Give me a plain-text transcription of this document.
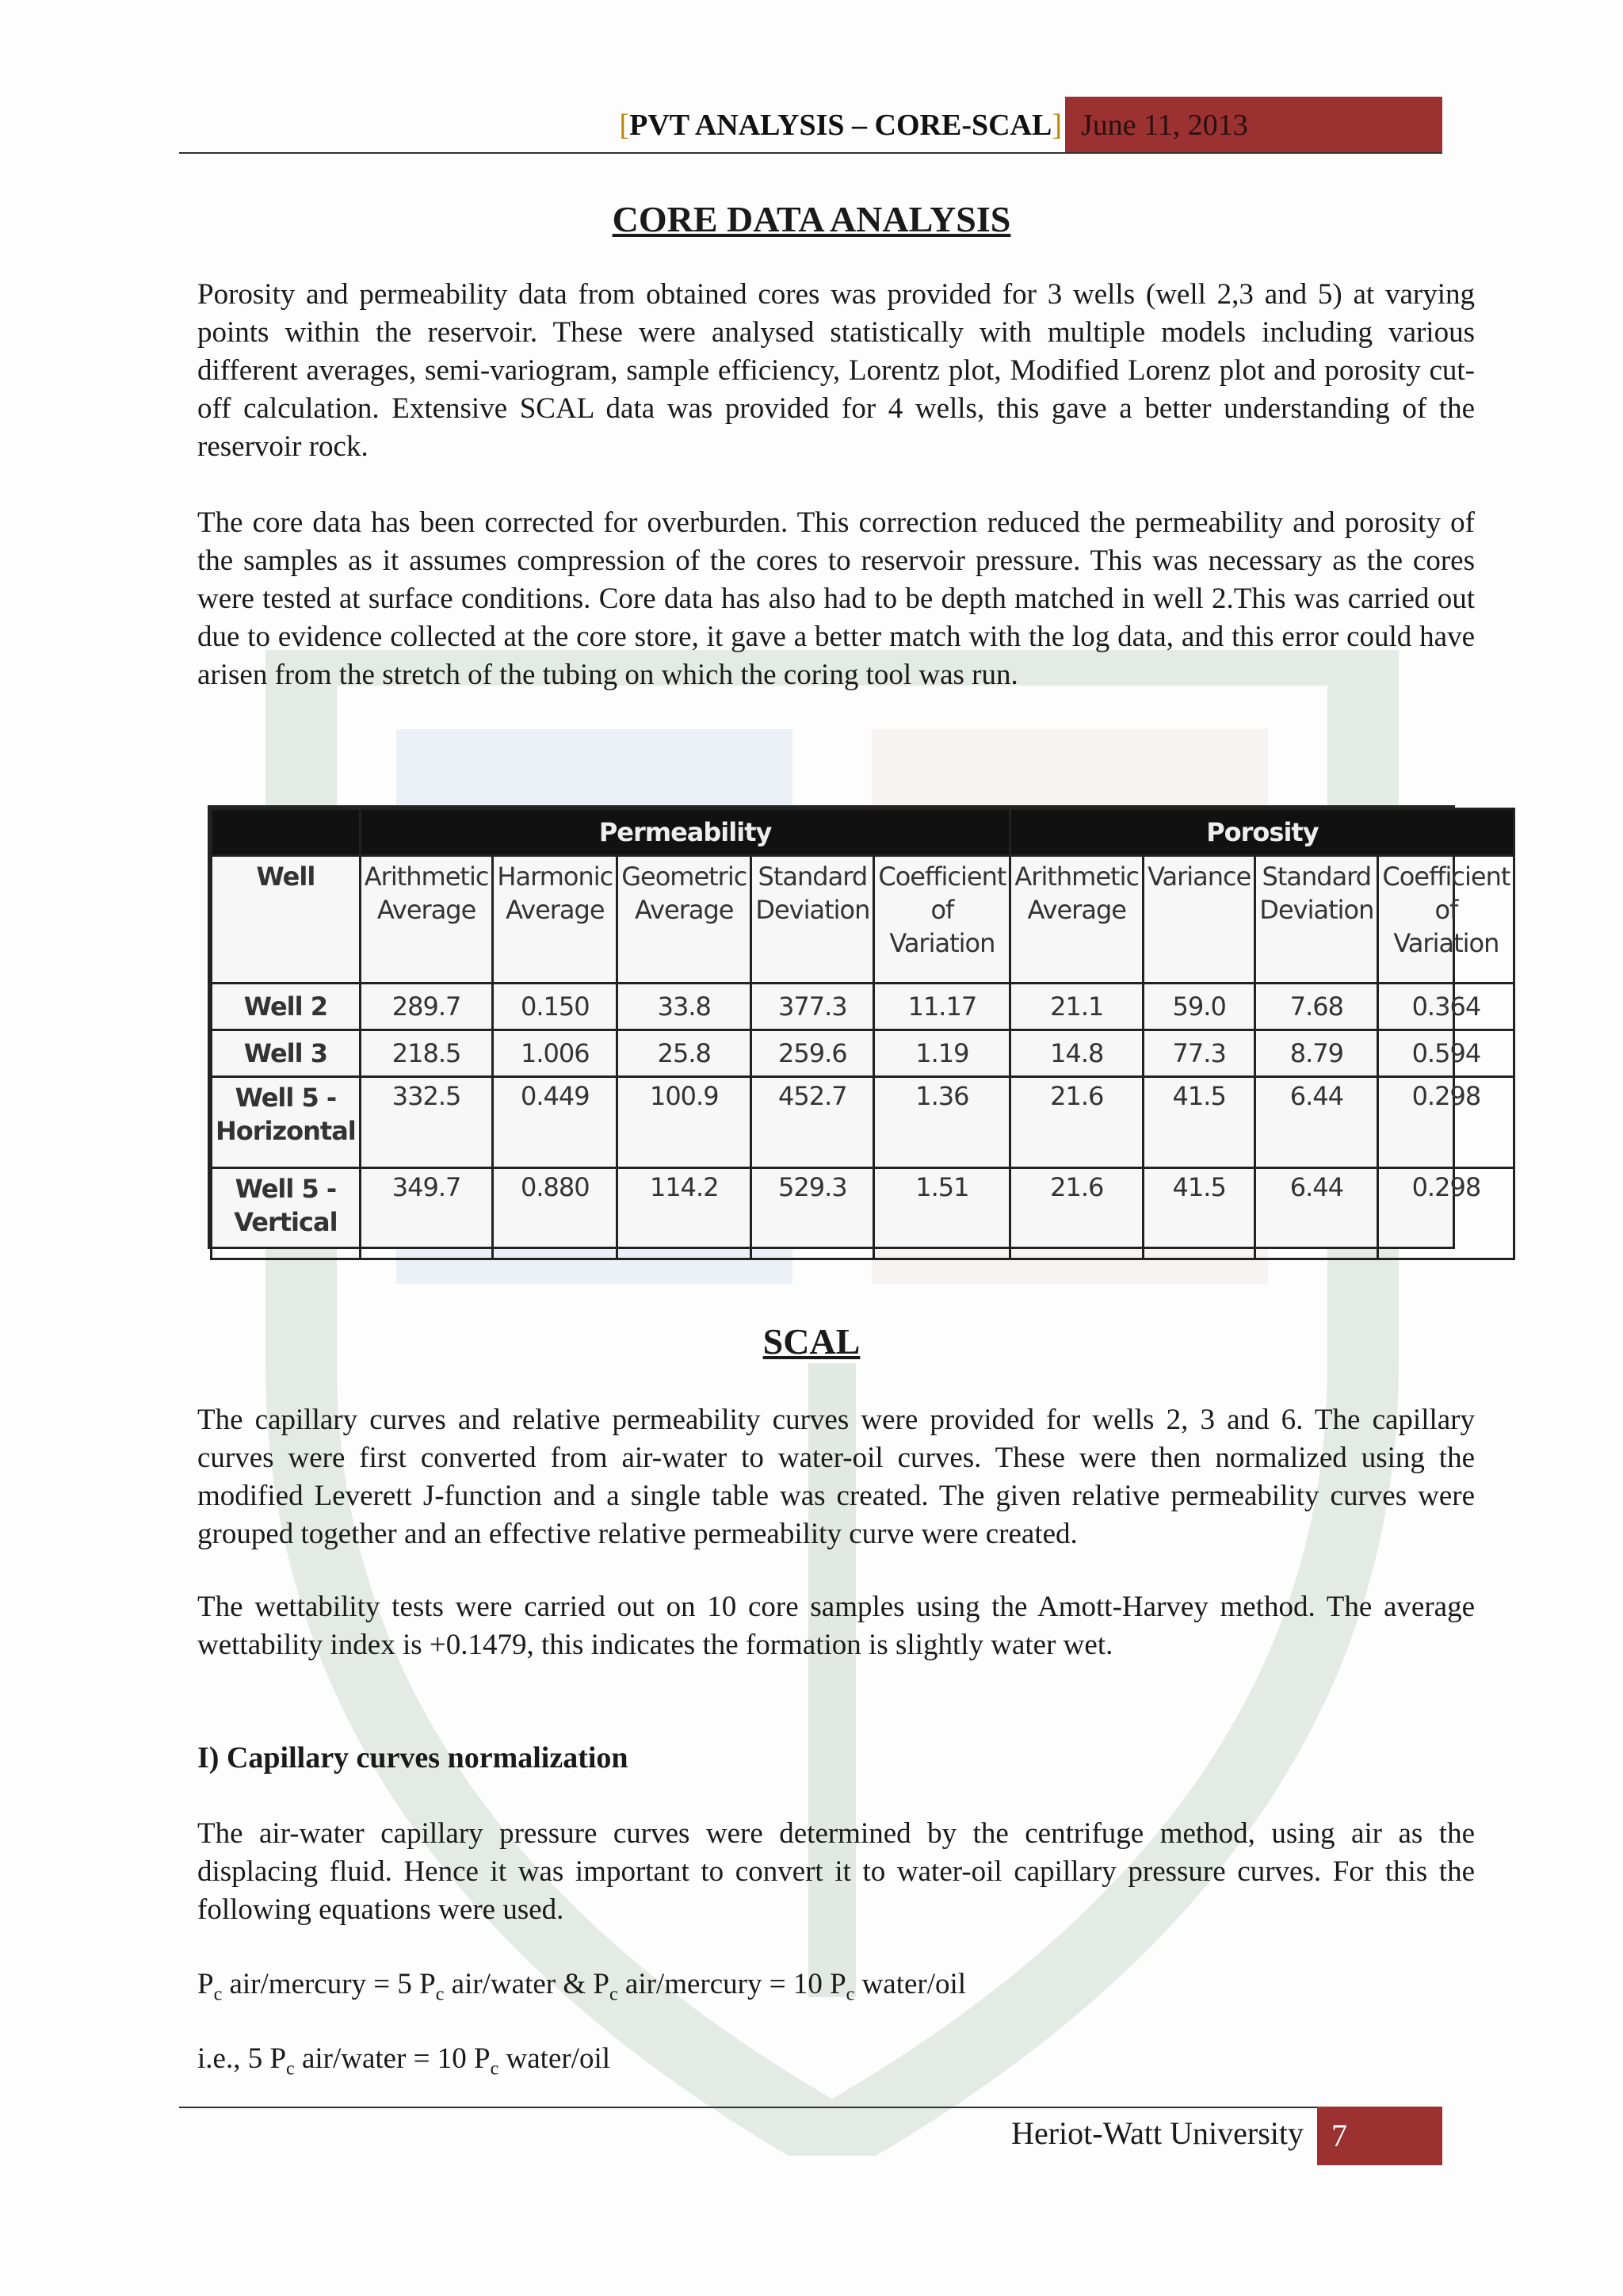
[PVT ANALYSIS – CORE-SCAL] June 11, 2013
CORE DATA ANALYSIS
Porosity and permeability data from obtained cores was provided for 3 wells (well 2,3 and 5) at varying points within the reservoir. These were analysed statistically with multiple models including various different averages, semi-variogram, sample efficiency, Lorentz plot, Modified Lorenz plot and porosity cut-off calculation. Extensive SCAL data was provided for 4 wells, this gave a better understanding of the reservoir rock.
The core data has been corrected for overburden. This correction reduced the permeability and porosity of the samples as it assumes compression of the cores to reservoir pressure. This was necessary as the cores were tested at surface conditions. Core data has also had to be depth matched in well 2.This was carried out due to evidence collected at the core store, it gave a better match with the log data, and this error could have arisen from the stretch of the tubing on which the coring tool was run.
	Permeability					Porosity			
Well	Arithmetic Average	Harmonic Average	Geometric Average	Standard Deviation	Coefficient of Variation	Arithmetic Average	Variance	Standard Deviation	Coefficient of Variation
Well 2	289.7	0.150	33.8	377.3	11.17	21.1	59.0	7.68	0.364
Well 3	218.5	1.006	25.8	259.6	1.19	14.8	77.3	8.79	0.594
Well 5 - Horizontal	332.5	0.449	100.9	452.7	1.36	21.6	41.5	6.44	0.298
Well 5 - Vertical	349.7	0.880	114.2	529.3	1.51	21.6	41.5	6.44	0.298
SCAL
The capillary curves and relative permeability curves were provided for wells 2, 3 and 6. The capillary curves were first converted from air-water to water-oil curves. These were then normalized using the modified Leverett J-function and a single table was created. The given relative permeability curves were grouped together and an effective relative permeability curve were created.
The wettability tests were carried out on 10 core samples using the Amott-Harvey method. The average wettability index is +0.1479, this indicates the formation is slightly water wet.
I) Capillary curves normalization
The air-water capillary pressure curves were determined by the centrifuge method, using air as the displacing fluid. Hence it was important to convert it to water-oil capillary pressure curves. For this the following equations were used.
$P_c$ air/mercury = 5 $P_c$ air/water & $P_c$ air/mercury = 10 $P_c$ water/oil
i.e., 5 $P_c$ air/water = 10 $P_c$ water/oil
Heriot-Watt University 7
